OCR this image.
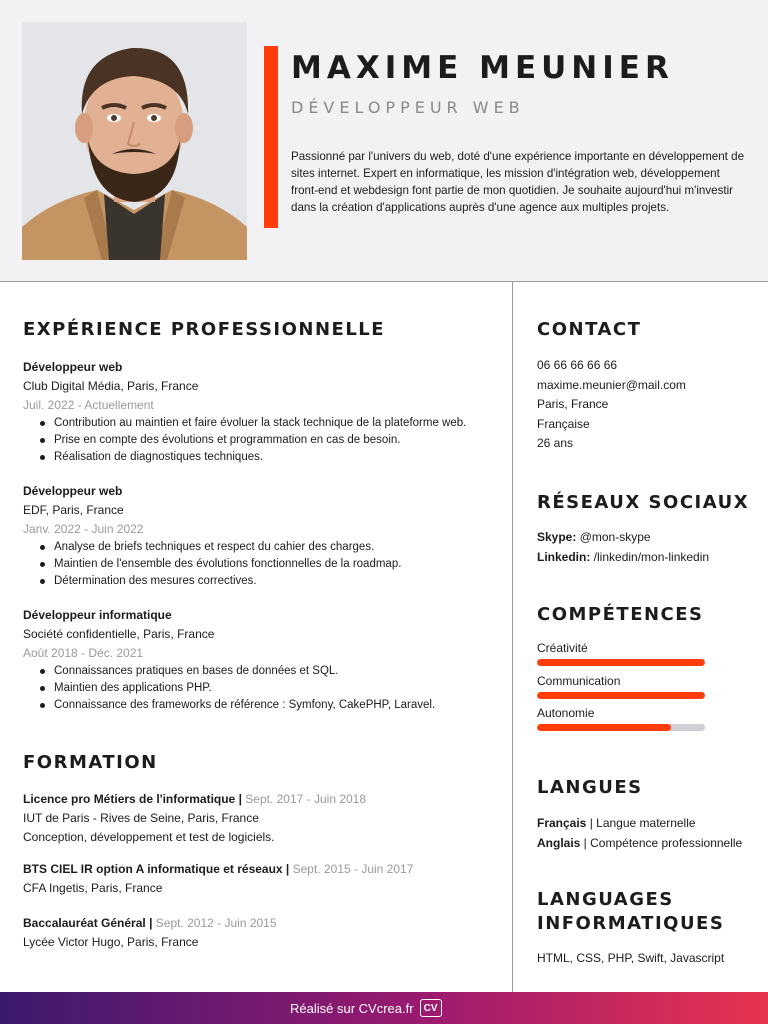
MAXIME MEUNIER
DÉVELOPPEUR WEB
Passionné par l'univers du web, doté d'une expérience importante en développement de sites internet. Expert en informatique, les mission d'intégration web, développement front-end et webdesign font partie de mon quotidien. Je souhaite aujourd'hui m'investir dans la création d'applications auprès d'une agence aux multiples projets.
EXPÉRIENCE PROFESSIONNELLE
Développeur web
Club Digital Média, Paris, France
Juil. 2022 - Actuellement
Contribution au maintien et faire évoluer la stack technique de la plateforme web.
Prise en compte des évolutions et programmation en cas de besoin.
Réalisation de diagnostiques techniques.
Développeur web
EDF, Paris, France
Janv. 2022 - Juin 2022
Analyse de briefs techniques et respect du cahier des charges.
Maintien de l'ensemble des évolutions fonctionnelles de la roadmap.
Détermination des mesures correctives.
Développeur informatique
Société confidentielle, Paris, France
Août 2018 - Déc. 2021
Connaissances pratiques en bases de données et SQL.
Maintien des applications PHP.
Connaissance des frameworks de référence : Symfony, CakePHP, Laravel.
FORMATION
Licence pro Métiers de l'informatique | Sept. 2017 - Juin 2018
IUT de Paris - Rives de Seine, Paris, France
Conception, développement et test de logiciels.
BTS CIEL IR option A informatique et réseaux | Sept. 2015 - Juin 2017
CFA Ingetis, Paris, France
Baccalauréat Général | Sept. 2012 - Juin 2015
Lycée Victor Hugo, Paris, France
CONTACT
06 66 66 66 66
maxime.meunier@mail.com
Paris, France
Française
26 ans
RÉSEAUX SOCIAUX
Skype: @mon-skype
Linkedin: /linkedin/mon-linkedin
COMPÉTENCES
Créativité
Communication
Autonomie
LANGUES
Français | Langue maternelle
Anglais | Compétence professionnelle
LANGUAGES
INFORMATIQUES
HTML, CSS, PHP, Swift, Javascript
Réalisé sur CVcrea.fr	CV
